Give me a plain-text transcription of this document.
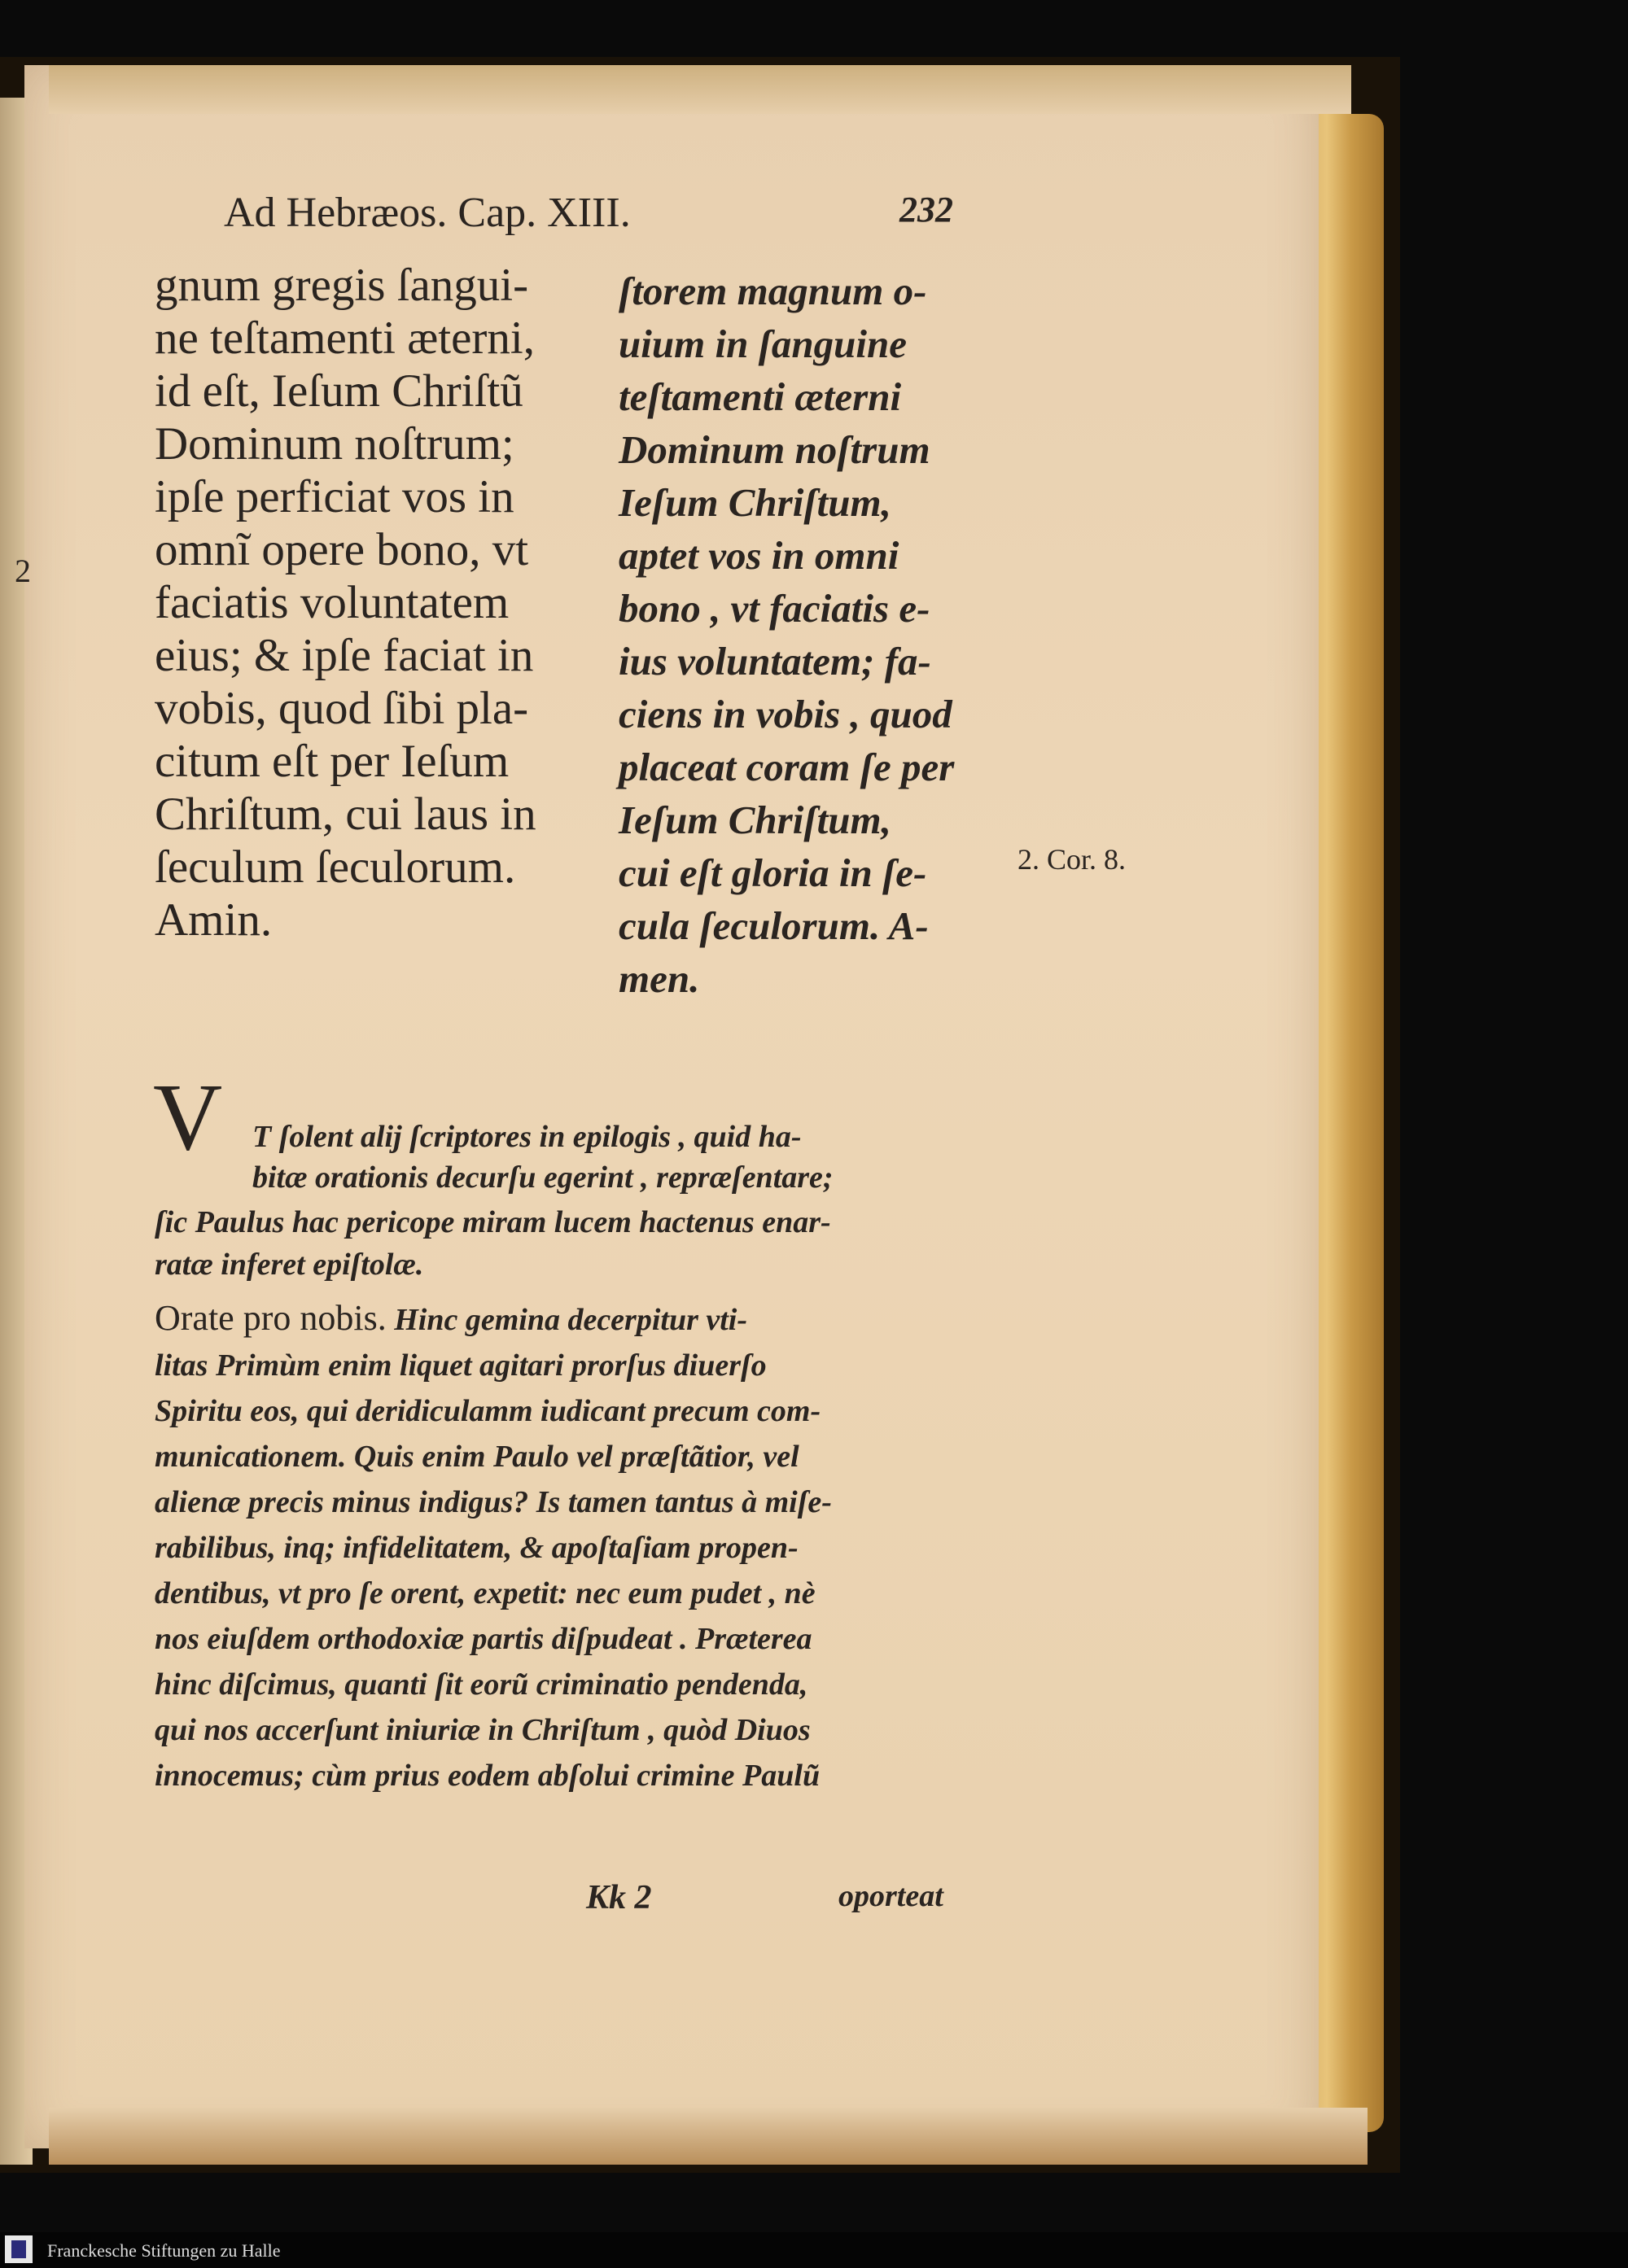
Ad Hebræos. Cap. XIII.	232
gnum gregis ſangui-
ne teſtamenti æterni,
id eſt, Ieſum Chriſtũ
Dominum noſtrum;
ipſe perficiat vos in
omnĩ opere bono, vt
faciatis voluntatem
eius; & ipſe faciat in
vobis, quod ſibi pla-
citum eſt per Ieſum
Chriſtum, cui laus in
ſeculum ſeculorum.
Amin.
ſtorem magnum o-
uium in ſanguine
teſtamenti æterni
Dominum noſtrum
Ieſum Chriſtum,
aptet vos in omni
bono , vt faciatis e-
ius voluntatem; fa-
ciens in vobis , quod
placeat coram ſe per
Ieſum Chriſtum,
cui eſt gloria in ſe-
cula ſeculorum. A-
men.
2. Cor. 8.
2
V T ſolent alij ſcriptores in epilogis , quid ha-
bitæ orationis decurſu egerint , repræſentare;
ſic Paulus hac pericope miram lucem hactenus enar-
ratæ inferet epiſtolæ.
Orate pro nobis. Hinc gemina decerpitur vti-
litas Primùm enim liquet agitari prorſus diuerſo
Spiritu eos, qui deridiculamm iudicant precum com-
municationem. Quis enim Paulo vel præſtãtior, vel
alienæ precis minus indigus? Is tamen tantus à miſe-
rabilibus, inq; infidelitatem, & apoſtaſiam propen-
dentibus, vt pro ſe orent, expetit: nec eum pudet , nè
nos eiuſdem orthodoxiæ partis diſpudeat . Præterea
hinc diſcimus, quanti ſit eorũ criminatio pendenda,
qui nos accerſunt iniuriæ in Chriſtum , quòd Diuos
innocemus; cùm prius eodem abſolui crimine Paulũ
Kk 2	oporteat
Franckesche Stiftungen zu Halle
